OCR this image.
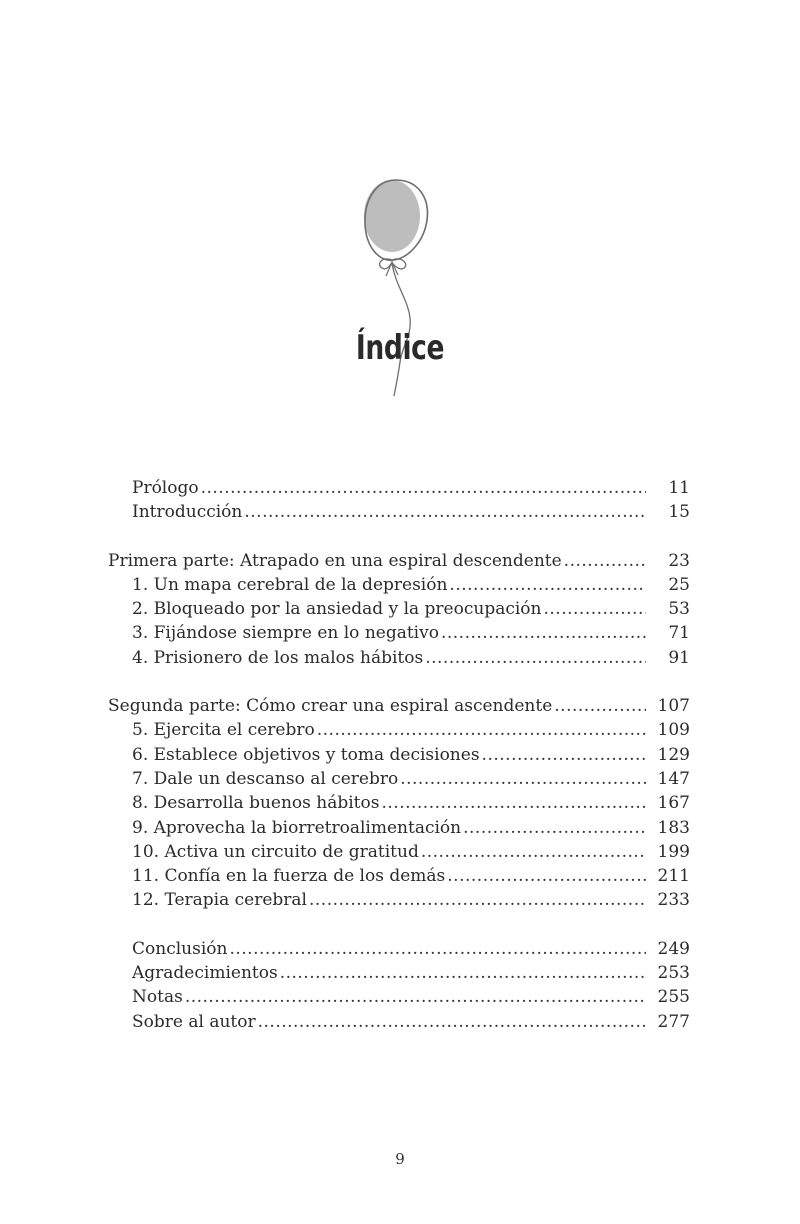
Índice
Prólogo .....	11
Introducción .....	15
Primera parte: Atrapado en una espiral descendente .....	23
1. Un mapa cerebral de la depresión .....	25
2. Bloqueado por la ansiedad y la preocupación .....	53
3. Fijándose siempre en lo negativo .....	71
4. Prisionero de los malos hábitos .....	91
Segunda parte: Cómo crear una espiral ascendente .....	107
5. Ejercita el cerebro .....	109
6. Establece objetivos y toma decisiones .....	129
7. Dale un descanso al cerebro .....	147
8. Desarrolla buenos hábitos .....	167
9. Aprovecha la biorretroalimentación .....	183
10. Activa un circuito de gratitud .....	199
11. Confía en la fuerza de los demás .....	211
12. Terapia cerebral .....	233
Conclusión .....	249
Agradecimientos .....	253
Notas .....	255
Sobre al autor .....	277
9
